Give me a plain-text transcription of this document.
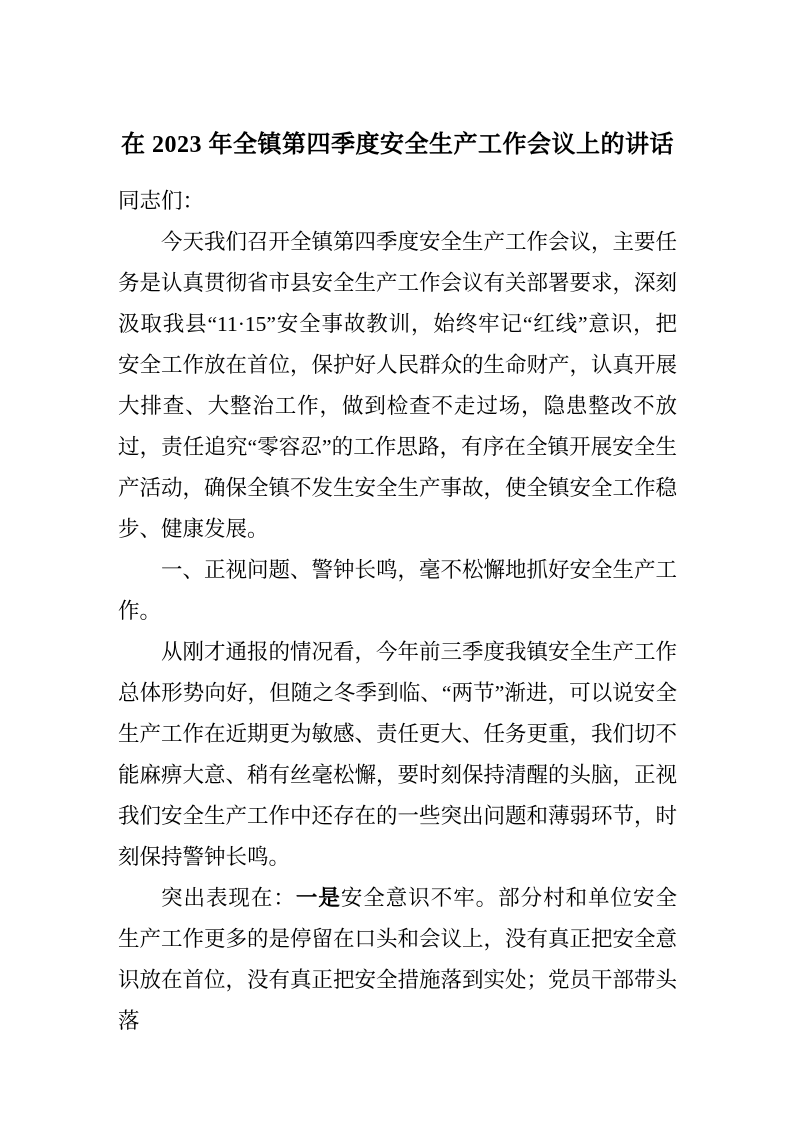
在 2023 年全镇第四季度安全生产工作会议上的讲话

同志们：

今天我们召开全镇第四季度安全生产工作会议，主要任务是认真贯彻省市县安全生产工作会议有关部署要求，深刻汲取我县“11·15”安全事故教训，始终牢记“红线”意识，把安全工作放在首位，保护好人民群众的生命财产，认真开展大排查、大整治工作，做到检查不走过场，隐患整改不放过，责任追究“零容忍”的工作思路，有序在全镇开展安全生产活动，确保全镇不发生安全生产事故，使全镇安全工作稳步、健康发展。

一、正视问题、警钟长鸣，毫不松懈地抓好安全生产工作。

从刚才通报的情况看，今年前三季度我镇安全生产工作总体形势向好，但随之冬季到临、“两节”渐进，可以说安全生产工作在近期更为敏感、责任更大、任务更重，我们切不能麻痹大意、稍有丝毫松懈，要时刻保持清醒的头脑，正视我们安全生产工作中还存在的一些突出问题和薄弱环节，时刻保持警钟长鸣。

突出表现在：一是安全意识不牢。部分村和单位安全生产工作更多的是停留在口头和会议上，没有真正把安全意识放在首位，没有真正把安全措施落到实处；党员干部带头落
